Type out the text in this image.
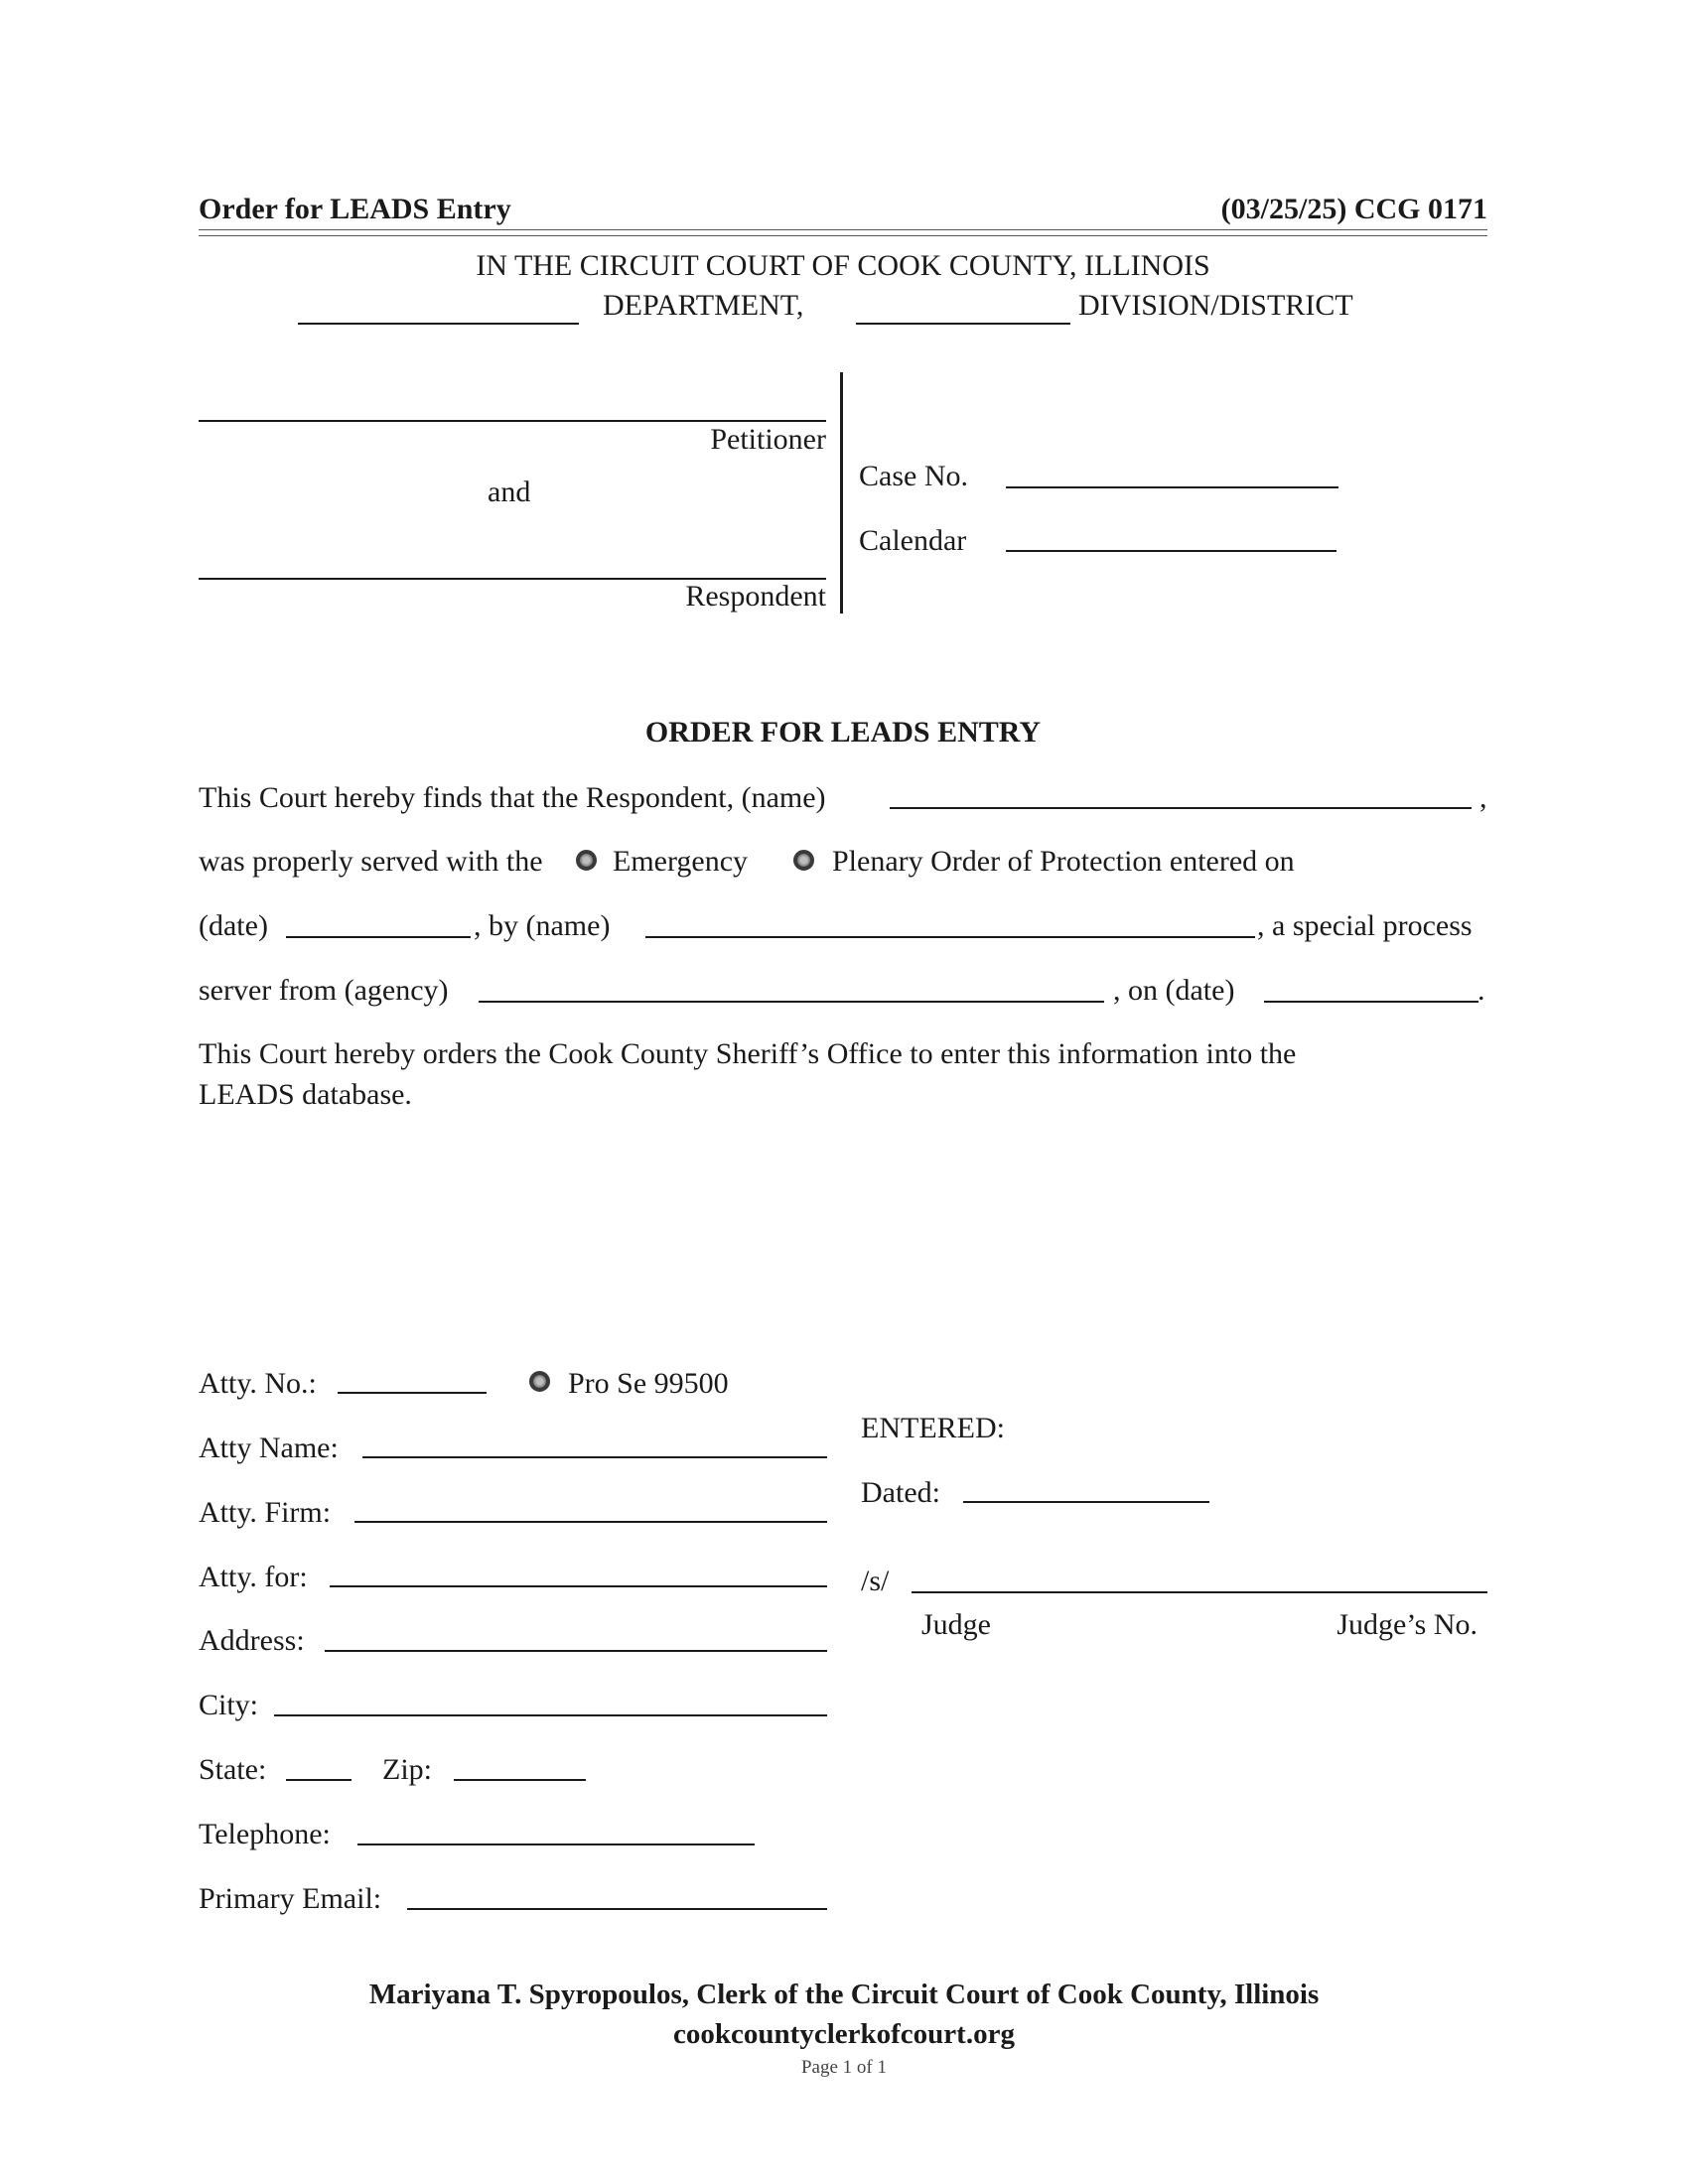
Order for LEADS Entry	(03/25/25) CCG 0171
IN THE CIRCUIT COURT OF COOK COUNTY, ILLINOIS
DEPARTMENT,	DIVISION/DISTRICT
Petitioner
and
Respondent
Case No.
Calendar
ORDER FOR LEADS ENTRY
This Court hereby finds that the Respondent, (name)	,
was properly served with the Emergency	Plenary Order of Protection entered on
(date)	, by (name)	, a special process
server from (agency)	, on (date)	.
This Court hereby orders the Cook County Sheriff’s Office to enter this information into the
LEADS database.
Atty. No.:	Pro Se 99500
Atty Name:
Atty. Firm:
Atty. for:
Address:
City:
State:	Zip:
Telephone:
Primary Email:
ENTERED:
Dated:
/s/
Judge	Judge’s No.
Mariyana T. Spyropoulos, Clerk of the Circuit Court of Cook County, Illinois
cookcountyclerkofcourt.org
Page 1 of 1
